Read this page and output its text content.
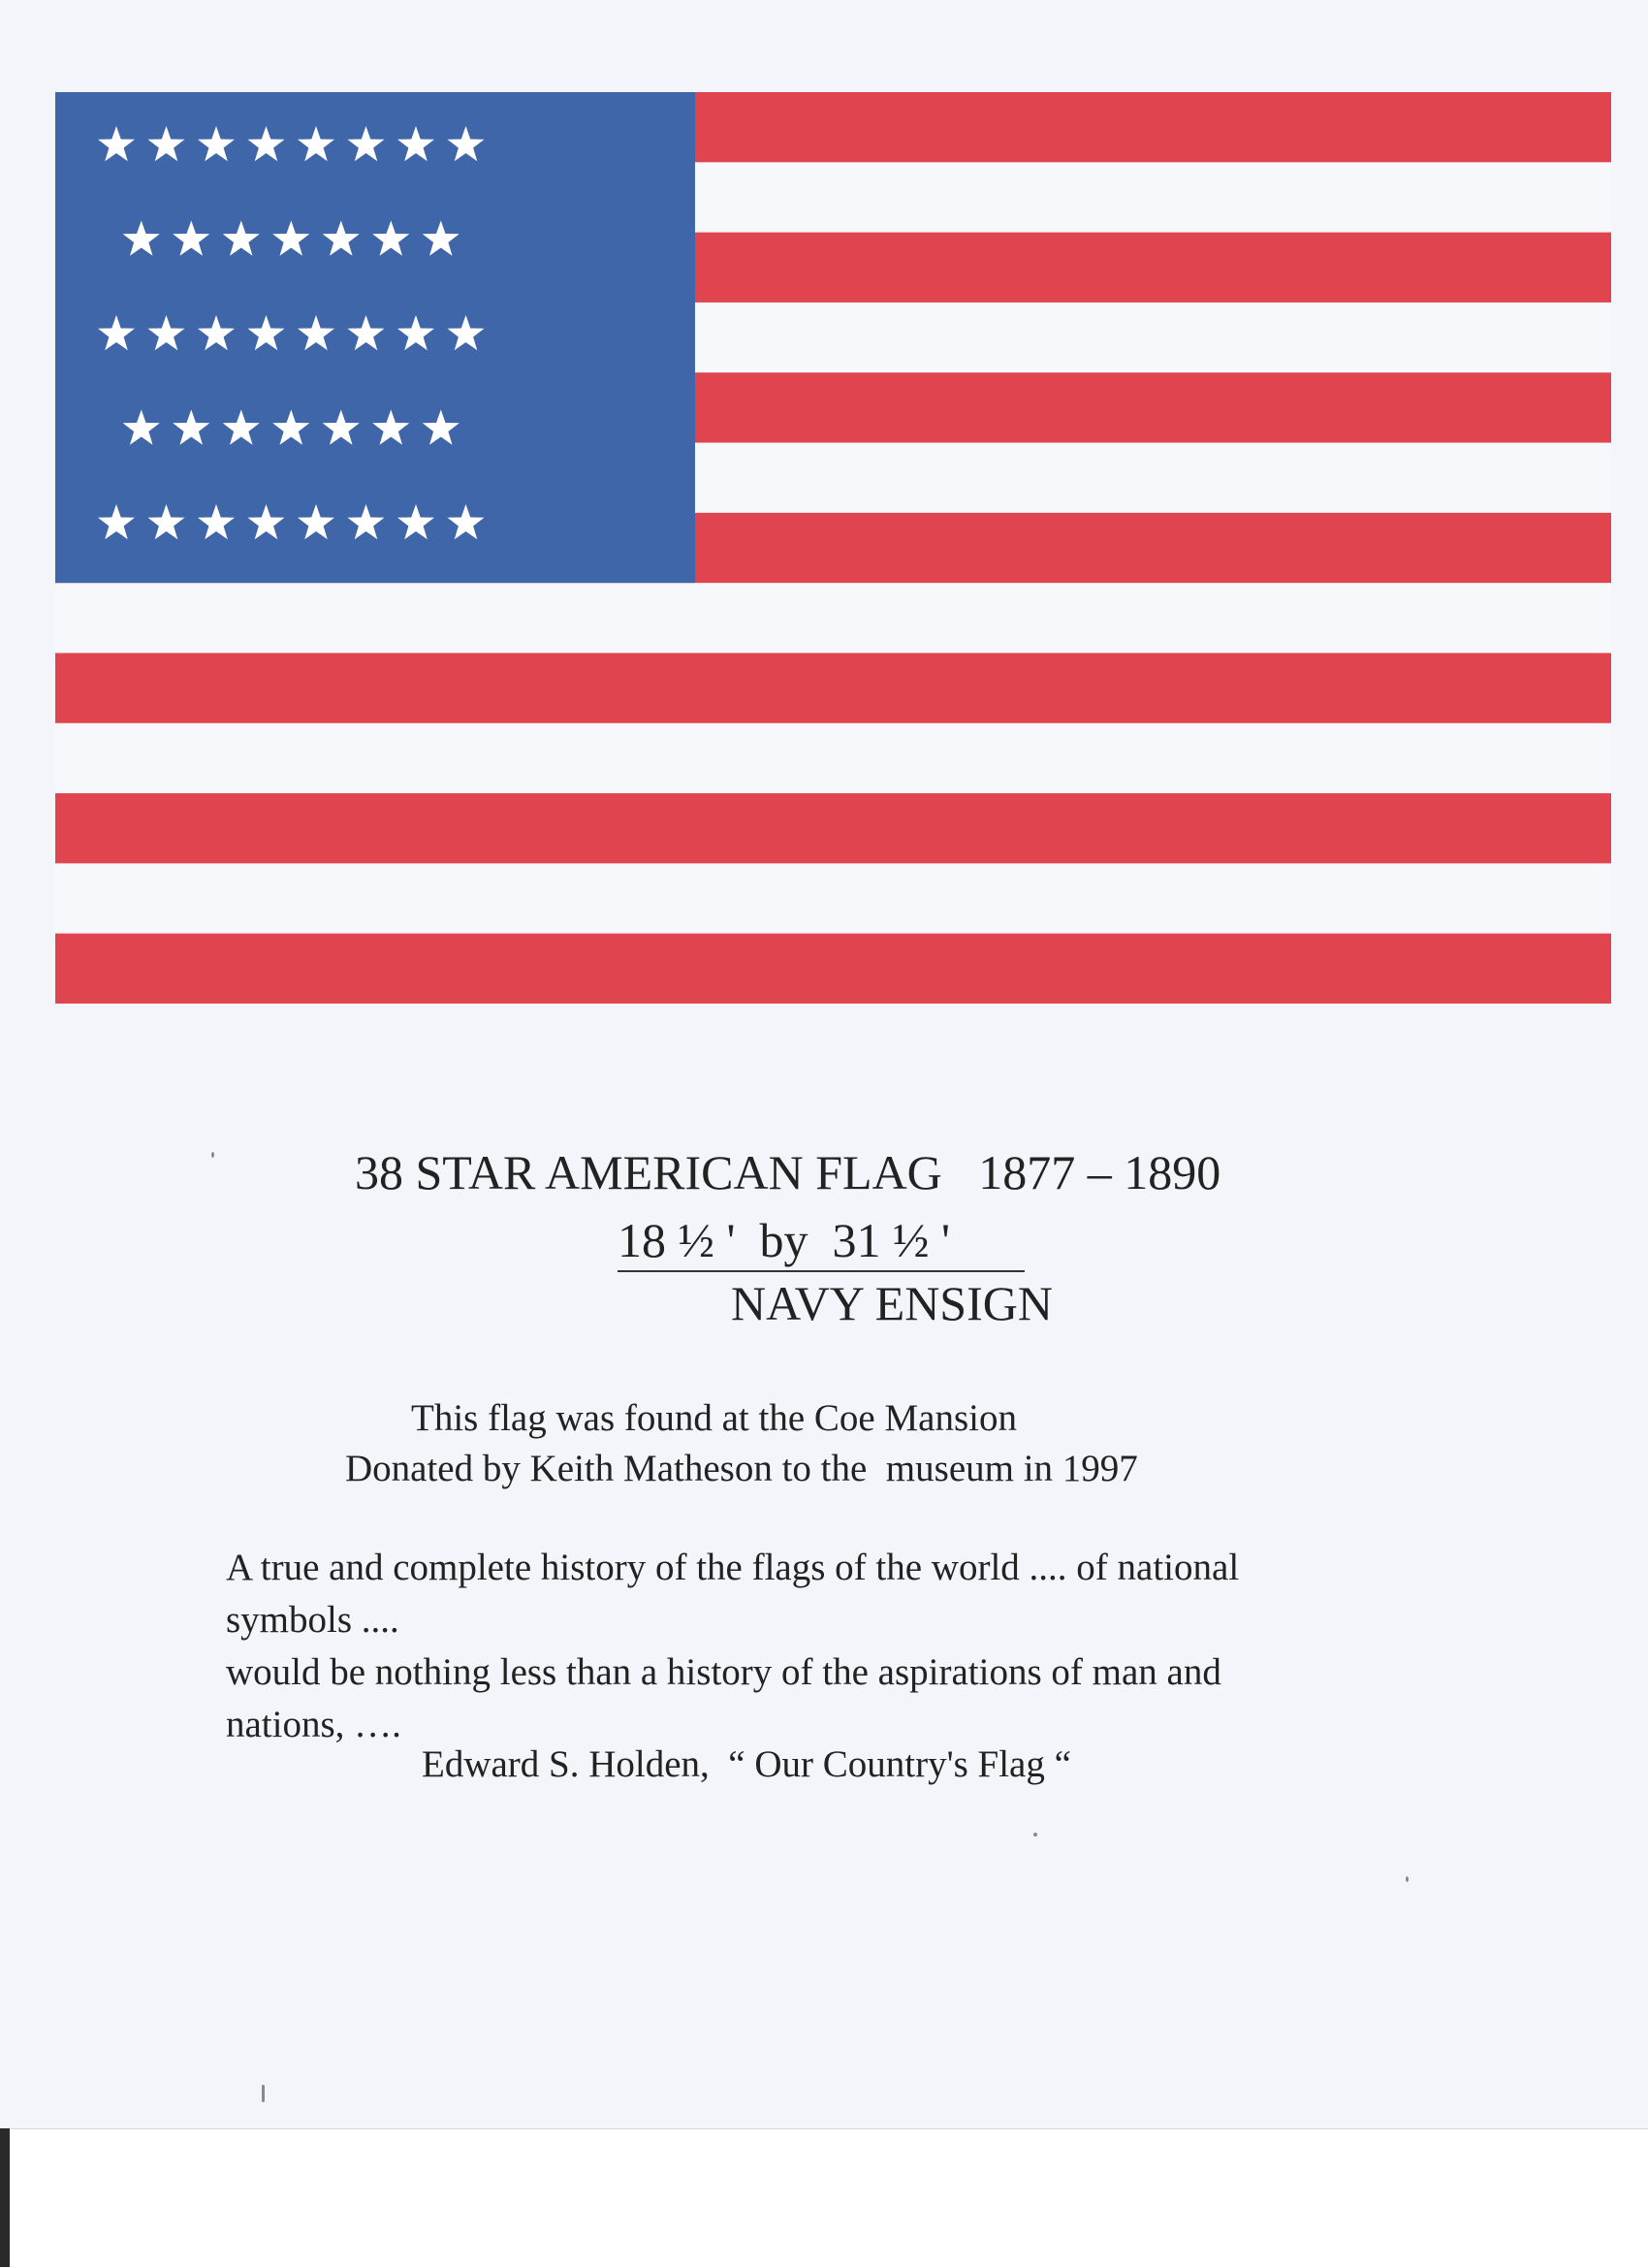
38 STAR AMERICAN FLAG   1877 – 1890
18 ½ '  by  31 ½ '
NAVY ENSIGN
This flag was found at the Coe Mansion
Donated by Keith Matheson to the  museum in 1997

A true and complete history of the flags of the world .... of national

symbols ....

would be nothing less than a history of the aspirations of man and

nations, ….

Edward S. Holden,  “ Our Country's Flag “
